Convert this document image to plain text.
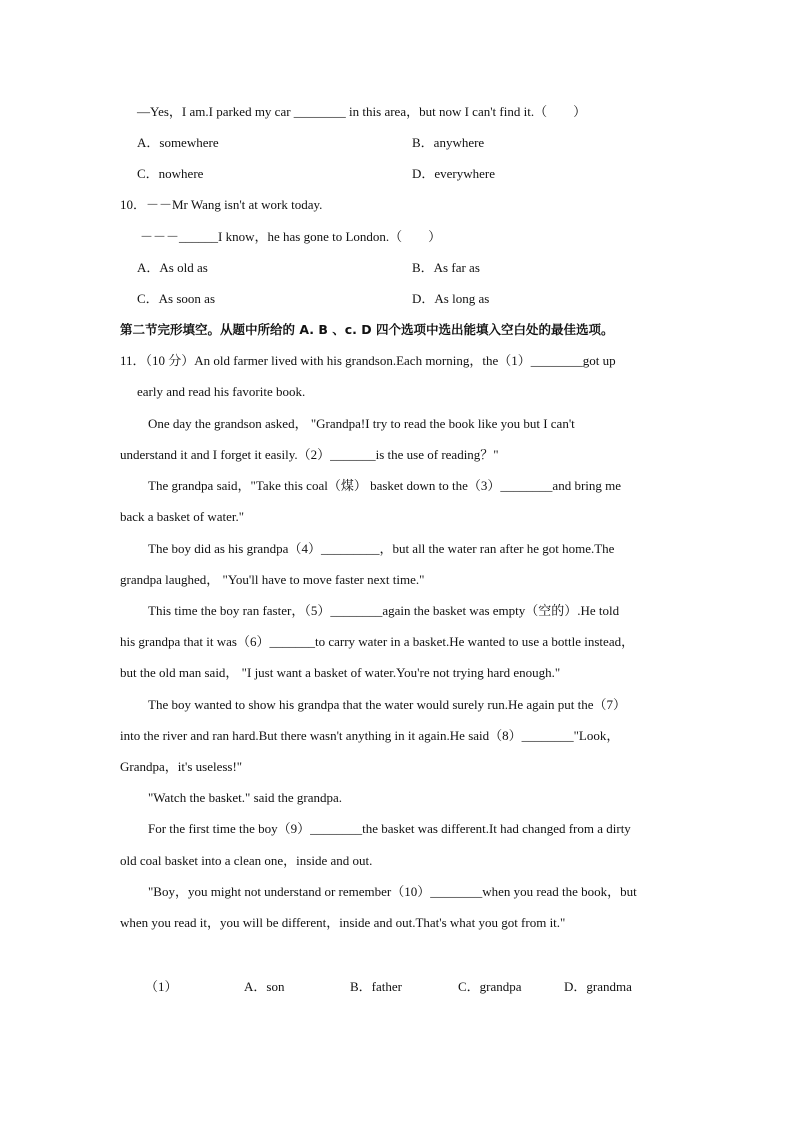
—Yes，I am.I parked my car ________ in this area，but now I can't find it.（　　）
A．somewhere	B．anywhere
C．nowhere	D．everywhere
10．－－Mr Wang isn't at work today.
－－－______I know，he has gone to London.（　　）
A．As old as	B．As far as
C．As soon as	D．As long as
第二节完形填空。从题中所给的 A. B 、c. D 四个选项中选出能填入空白处的最佳选项。
11．（10 分）An old farmer lived with his grandson.Each morning，the（1）________got up
early and read his favorite book.
One day the grandson asked， "Grandpa!I try to read the book like you but I can't
understand it and I forget it easily.（2）_______is the use of reading？"
The grandpa said，"Take this coal（煤） basket down to the（3）________and bring me
back a basket of water."
The boy did as his grandpa（4）_________，but all the water ran after he got home.The
grandpa laughed， "You'll have to move faster next time."
This time the boy ran faster，（5）________again the basket was empty（空的）.He told
his grandpa that it was（6）_______to carry water in a basket.He wanted to use a bottle instead，
but the old man said， "I just want a basket of water.You're not trying hard enough."
The boy wanted to show his grandpa that the water would surely run.He again put the（7）
into the river and ran hard.But there wasn't anything in it again.He said（8）________"Look，
Grandpa，it's useless!"
"Watch the basket." said the grandpa.
For the first time the boy（9）________the basket was different.It had changed from a dirty
old coal basket into a clean one，inside and out.
"Boy，you might not understand or remember（10）________when you read the book，but
when you read it，you will be different，inside and out.That's what you got from it."
（1）	A．son	B．father	C．grandpa	D．grandma
